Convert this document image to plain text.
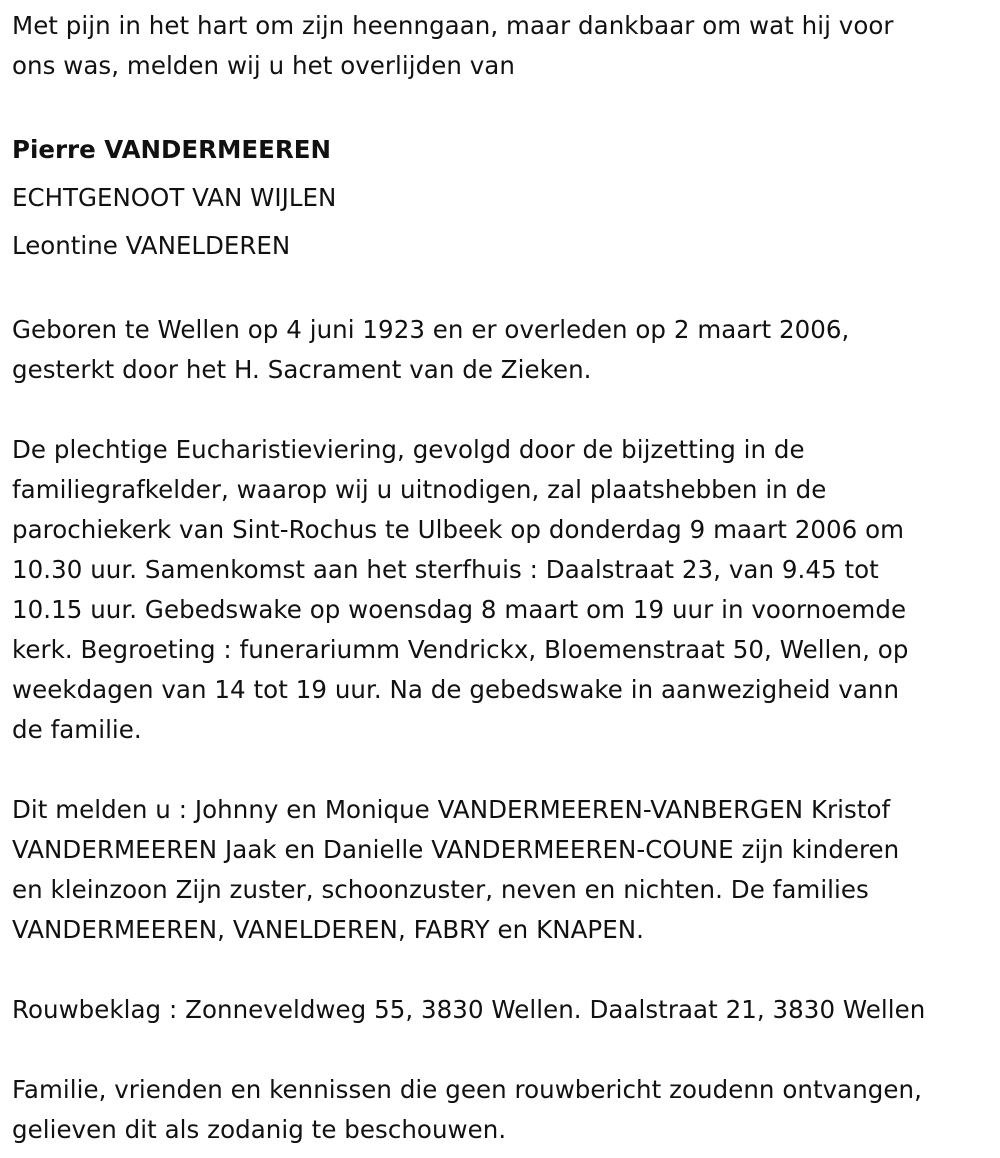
Met pijn in het hart om zijn heenngaan, maar dankbaar om wat hij voor
ons was, melden wij u het overlijden van

Pierre VANDERMEEREN
ECHTGENOOT VAN WIJLEN
Leontine VANELDEREN

Geboren te Wellen op 4 juni 1923 en er overleden op 2 maart 2006,
gesterkt door het H. Sacrament van de Zieken.

De plechtige Eucharistieviering, gevolgd door de bijzetting in de
familiegrafkelder, waarop wij u uitnodigen, zal plaatshebben in de
parochiekerk van Sint-Rochus te Ulbeek op donderdag 9 maart 2006 om
10.30 uur. Samenkomst aan het sterfhuis : Daalstraat 23, van 9.45 tot
10.15 uur. Gebedswake op woensdag 8 maart om 19 uur in voornoemde
kerk. Begroeting : funerariumm Vendrickx, Bloemenstraat 50, Wellen, op
weekdagen van 14 tot 19 uur. Na de gebedswake in aanwezigheid vann
de familie.

Dit melden u : Johnny en Monique VANDERMEEREN-VANBERGEN Kristof
VANDERMEEREN Jaak en Danielle VANDERMEEREN-COUNE zijn kinderen
en kleinzoon Zijn zuster, schoonzuster, neven en nichten. De families
VANDERMEEREN, VANELDEREN, FABRY en KNAPEN.

Rouwbeklag : Zonneveldweg 55, 3830 Wellen. Daalstraat 21, 3830 Wellen

Familie, vrienden en kennissen die geen rouwbericht zoudenn ontvangen,
gelieven dit als zodanig te beschouwen.
